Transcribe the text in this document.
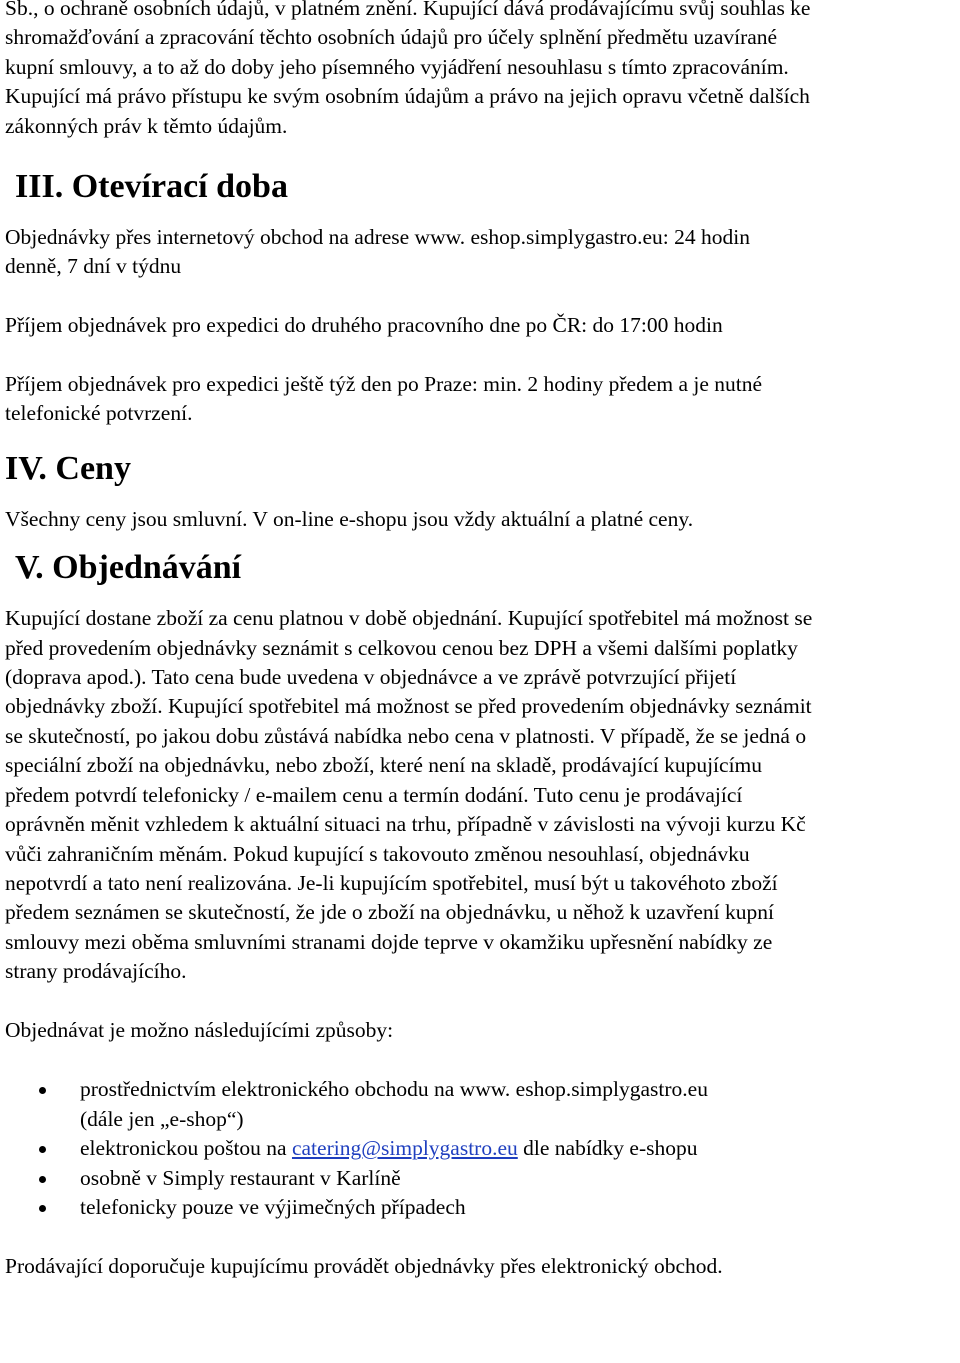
Sb., o ochraně osobních údajů, v platném znění. Kupující dává prodávajícímu svůj souhlas ke
shromažďování a zpracování těchto osobních údajů pro účely splnění předmětu uzavírané
kupní smlouvy, a to až do doby jeho písemného vyjádření nesouhlasu s tímto zpracováním.
Kupující má právo přístupu ke svým osobním údajům a právo na jejich opravu včetně dalších
zákonných práv k těmto údajům.
III. Otevírací doba
Objednávky přes internetový obchod na adrese www. eshop.simplygastro.eu: 24 hodin
denně, 7 dní v týdnu
Příjem objednávek pro expedici do druhého pracovního dne po ČR: do 17:00 hodin
Příjem objednávek pro expedici ještě týž den po Praze: min. 2 hodiny předem a je nutné
telefonické potvrzení.
IV. Ceny
Všechny ceny jsou smluvní. V on-line e-shopu jsou vždy aktuální a platné ceny.
V. Objednávání
Kupující dostane zboží za cenu platnou v době objednání. Kupující spotřebitel má možnost se
před provedením objednávky seznámit s celkovou cenou bez DPH a všemi dalšími poplatky
(doprava apod.). Tato cena bude uvedena v objednávce a ve zprávě potvrzující přijetí
objednávky zboží. Kupující spotřebitel má možnost se před provedením objednávky seznámit
se skutečností, po jakou dobu zůstává nabídka nebo cena v platnosti. V případě, že se jedná o
speciální zboží na objednávku, nebo zboží, které není na skladě, prodávající kupujícímu
předem potvrdí telefonicky / e-mailem cenu a termín dodání. Tuto cenu je prodávající
oprávněn měnit vzhledem k aktuální situaci na trhu, případně v závislosti na vývoji kurzu Kč
vůči zahraničním měnám. Pokud kupující s takovouto změnou nesouhlasí, objednávku
nepotvrdí a tato není realizována. Je-li kupujícím spotřebitel, musí být u takovéhoto zboží
předem seznámen se skutečností, že jde o zboží na objednávku, u něhož k uzavření kupní
smlouvy mezi oběma smluvními stranami dojde teprve v okamžiku upřesnění nabídky ze
strany prodávajícího.
Objednávat je možno následujícími způsoby:
prostřednictvím elektronického obchodu na www. eshop.simplygastro.eu
(dále jen „e-shop“)
elektronickou poštou na catering@simplygastro.eu dle nabídky e-shopu
osobně v Simply restaurant v Karlíně
telefonicky pouze ve výjimečných případech
Prodávající doporučuje kupujícímu provádět objednávky přes elektronický obchod.
